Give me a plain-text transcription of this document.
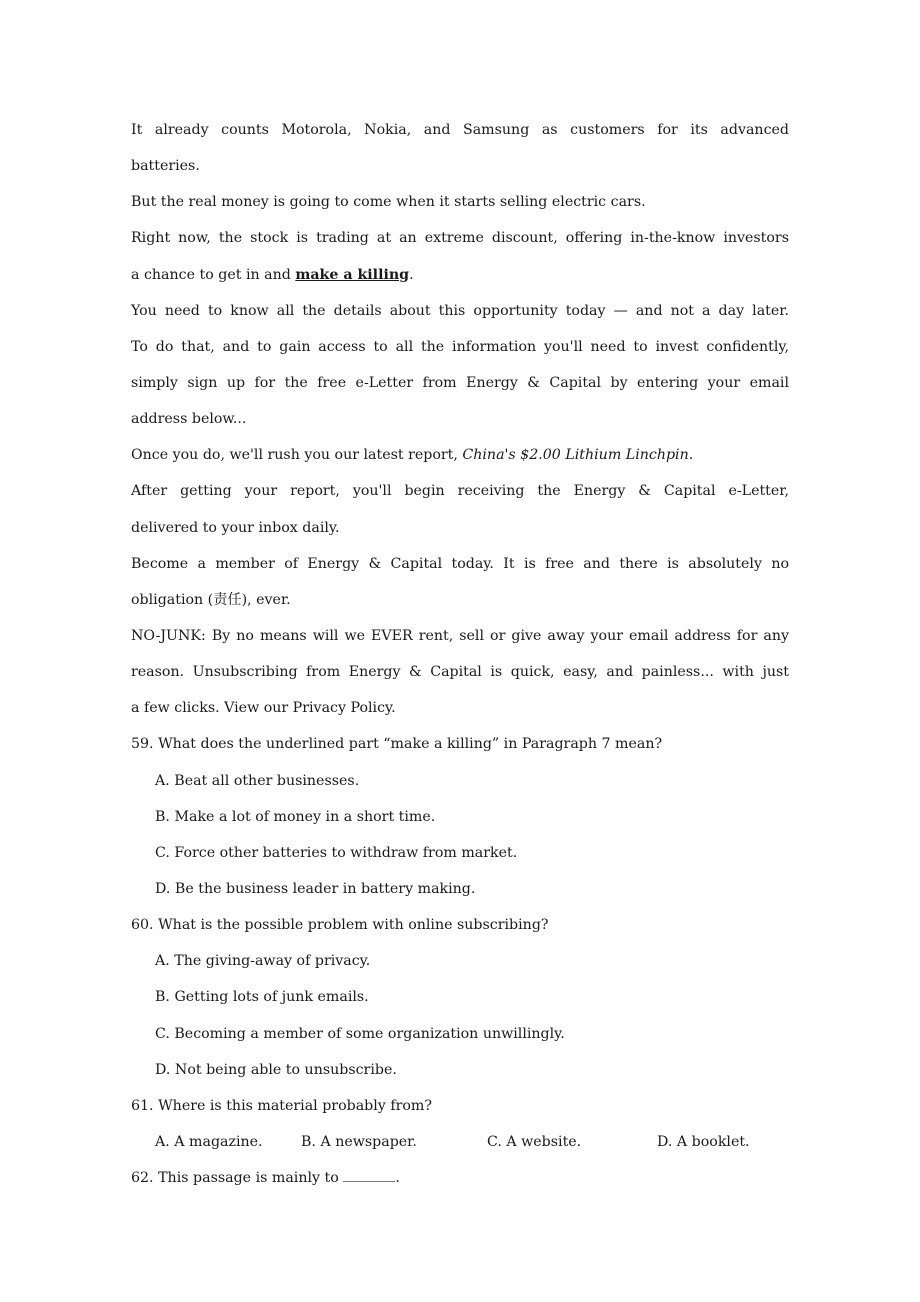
It already counts Motorola, Nokia, and Samsung as customers for its advanced
batteries.
But the real money is going to come when it starts selling electric cars.
Right now, the stock is trading at an extreme discount, offering in-the-know investors
a chance to get in and make a killing.
You need to know all the details about this opportunity today — and not a day later.
To do that, and to gain access to all the information you'll need to invest confidently,
simply sign up for the free e-Letter from Energy & Capital by entering your email
address below...
Once you do, we'll rush you our latest report, China's $2.00 Lithium Linchpin.
After getting your report, you'll begin receiving the Energy & Capital e-Letter,
delivered to your inbox daily.
Become a member of Energy & Capital today. It is free and there is absolutely no
obligation (责任), ever.
NO-JUNK: By no means will we EVER rent, sell or give away your email address for any
reason. Unsubscribing from Energy & Capital is quick, easy, and painless... with just
a few clicks. View our Privacy Policy.
59. What does the underlined part “make a killing” in Paragraph 7 mean?
A. Beat all other businesses.
B. Make a lot of money in a short time.
C. Force other batteries to withdraw from market.
D. Be the business leader in battery making.
60. What is the possible problem with online subscribing?
A. The giving-away of privacy.
B. Getting lots of junk emails.
C. Becoming a member of some organization unwillingly.
D. Not being able to unsubscribe.
61. Where is this material probably from?
A. A magazine.	B. A newspaper.	C. A website.	D. A booklet.
62. This passage is mainly to	.
